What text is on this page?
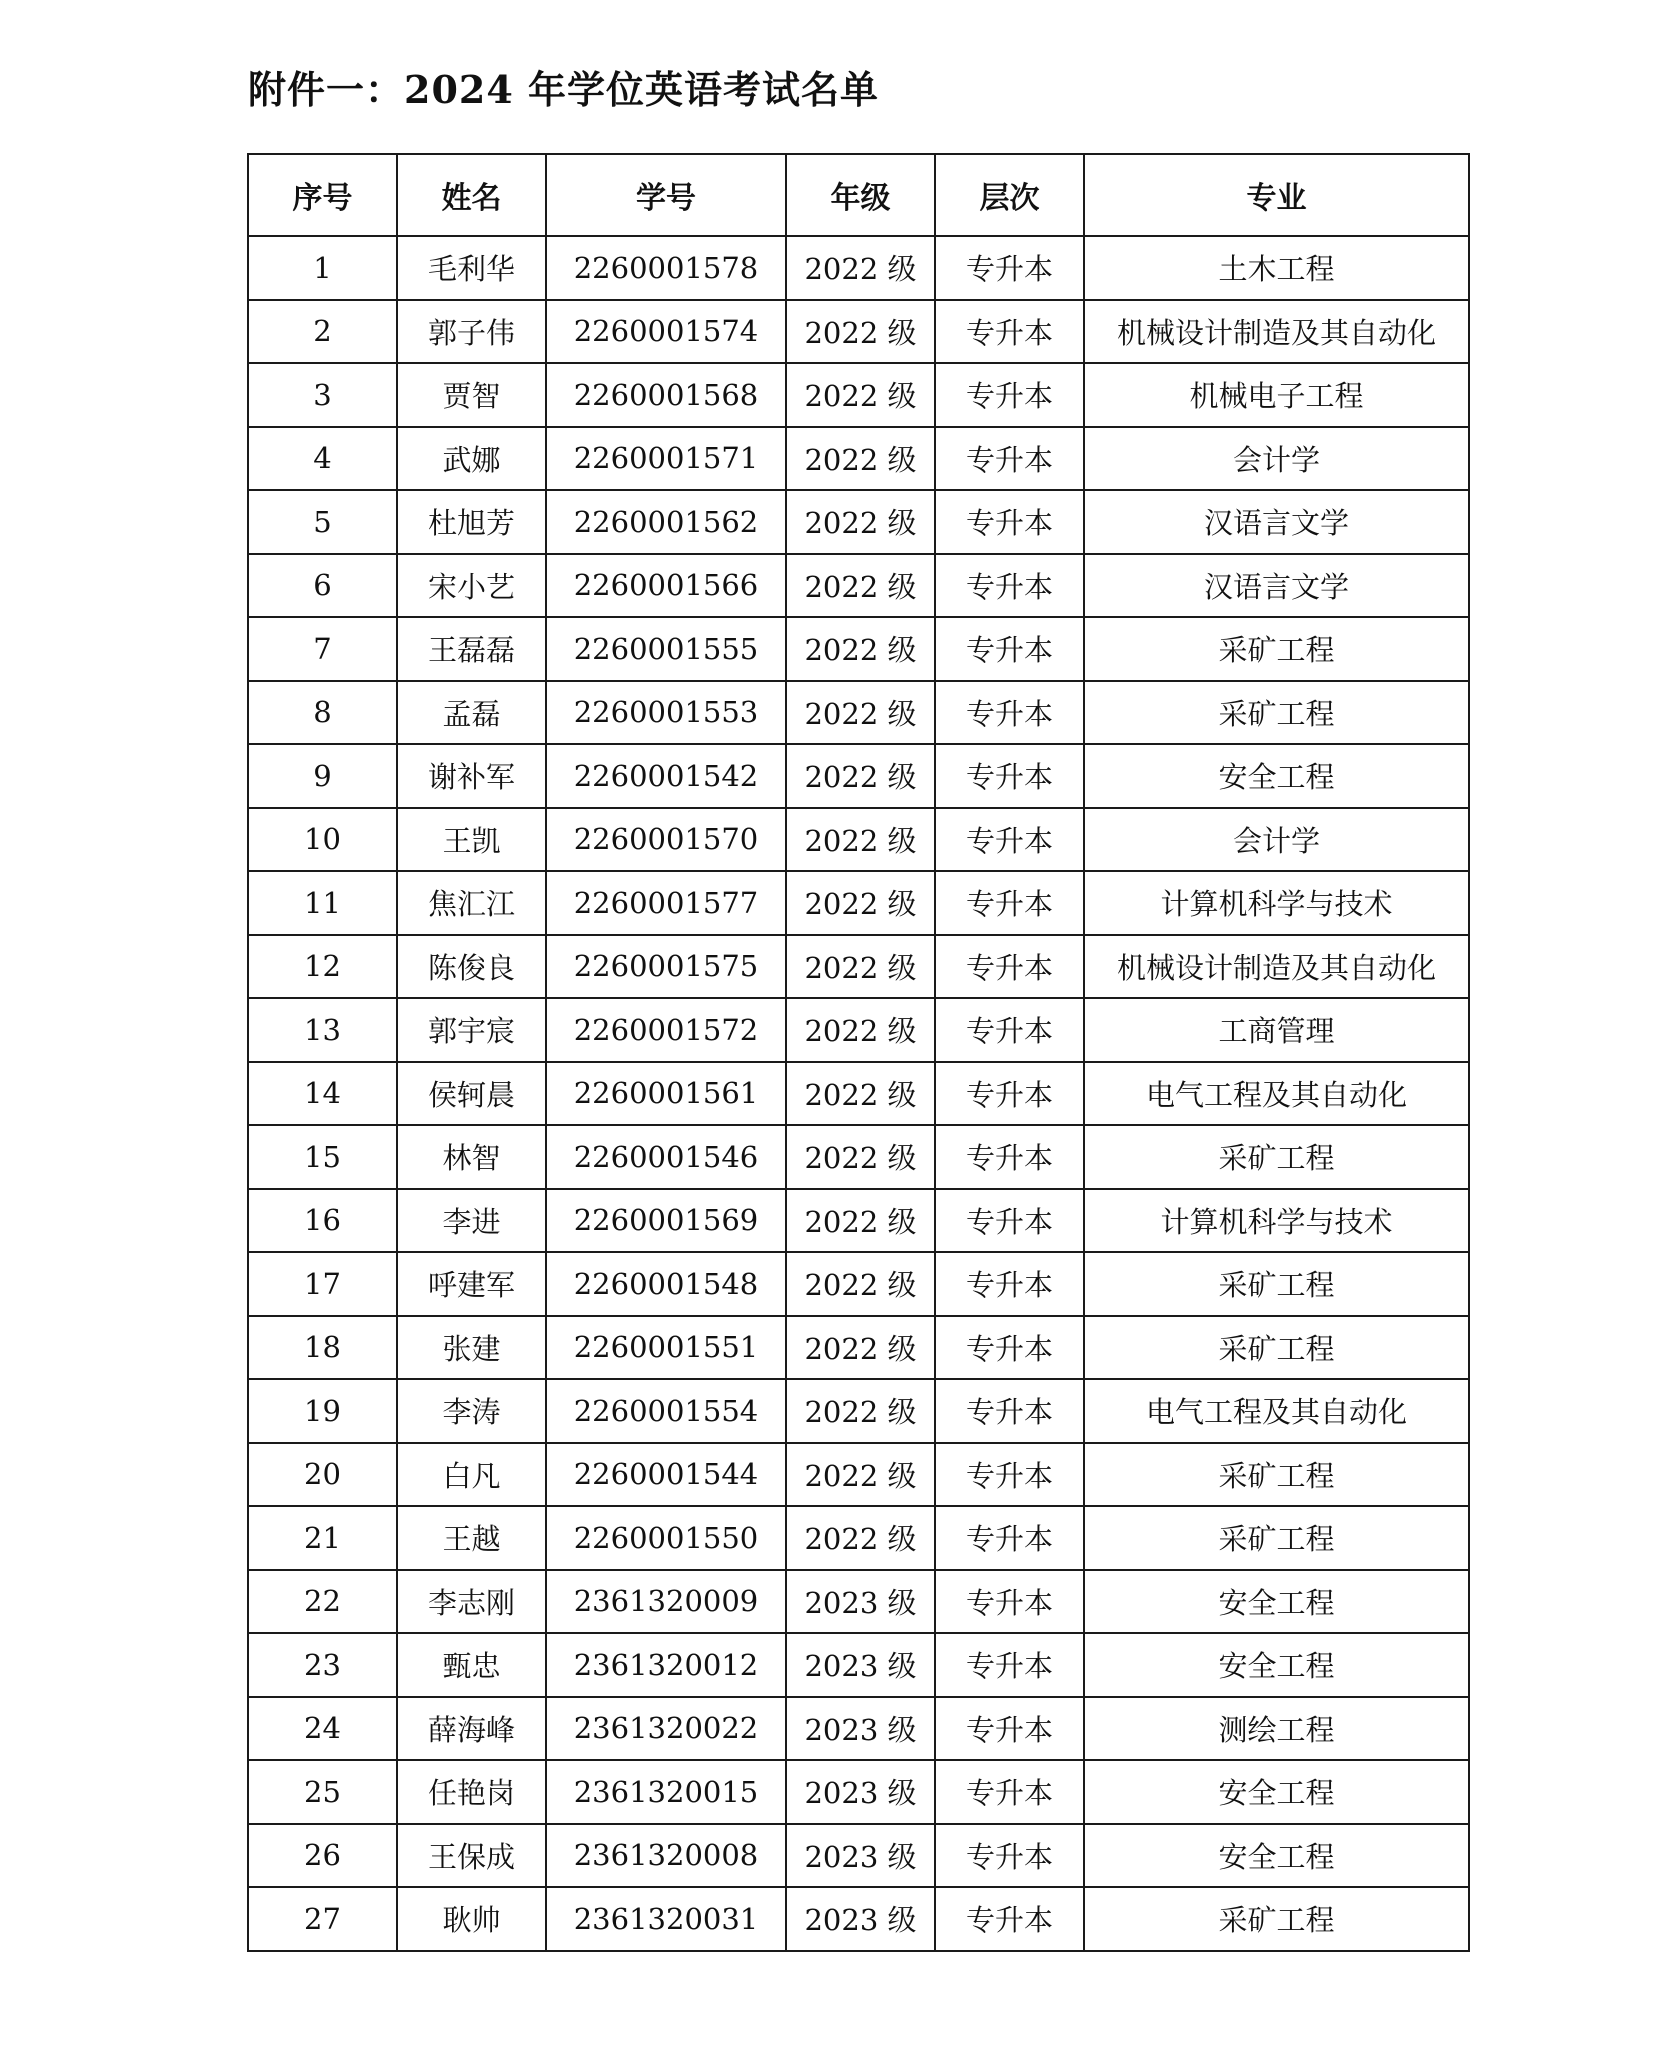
附件一：2024 年学位英语考试名单
序号	姓名	学号	年级	层次	专业
1	毛利华	2260001578	2022 级	专升本	土木工程
2	郭子伟	2260001574	2022 级	专升本	机械设计制造及其自动化
3	贾智	2260001568	2022 级	专升本	机械电子工程
4	武娜	2260001571	2022 级	专升本	会计学
5	杜旭芳	2260001562	2022 级	专升本	汉语言文学
6	宋小艺	2260001566	2022 级	专升本	汉语言文学
7	王磊磊	2260001555	2022 级	专升本	采矿工程
8	孟磊	2260001553	2022 级	专升本	采矿工程
9	谢补军	2260001542	2022 级	专升本	安全工程
10	王凯	2260001570	2022 级	专升本	会计学
11	焦汇江	2260001577	2022 级	专升本	计算机科学与技术
12	陈俊良	2260001575	2022 级	专升本	机械设计制造及其自动化
13	郭宇宸	2260001572	2022 级	专升本	工商管理
14	侯轲晨	2260001561	2022 级	专升本	电气工程及其自动化
15	林智	2260001546	2022 级	专升本	采矿工程
16	李进	2260001569	2022 级	专升本	计算机科学与技术
17	呼建军	2260001548	2022 级	专升本	采矿工程
18	张建	2260001551	2022 级	专升本	采矿工程
19	李涛	2260001554	2022 级	专升本	电气工程及其自动化
20	白凡	2260001544	2022 级	专升本	采矿工程
21	王越	2260001550	2022 级	专升本	采矿工程
22	李志刚	2361320009	2023 级	专升本	安全工程
23	甄忠	2361320012	2023 级	专升本	安全工程
24	薛海峰	2361320022	2023 级	专升本	测绘工程
25	任艳岗	2361320015	2023 级	专升本	安全工程
26	王保成	2361320008	2023 级	专升本	安全工程
27	耿帅	2361320031	2023 级	专升本	采矿工程
